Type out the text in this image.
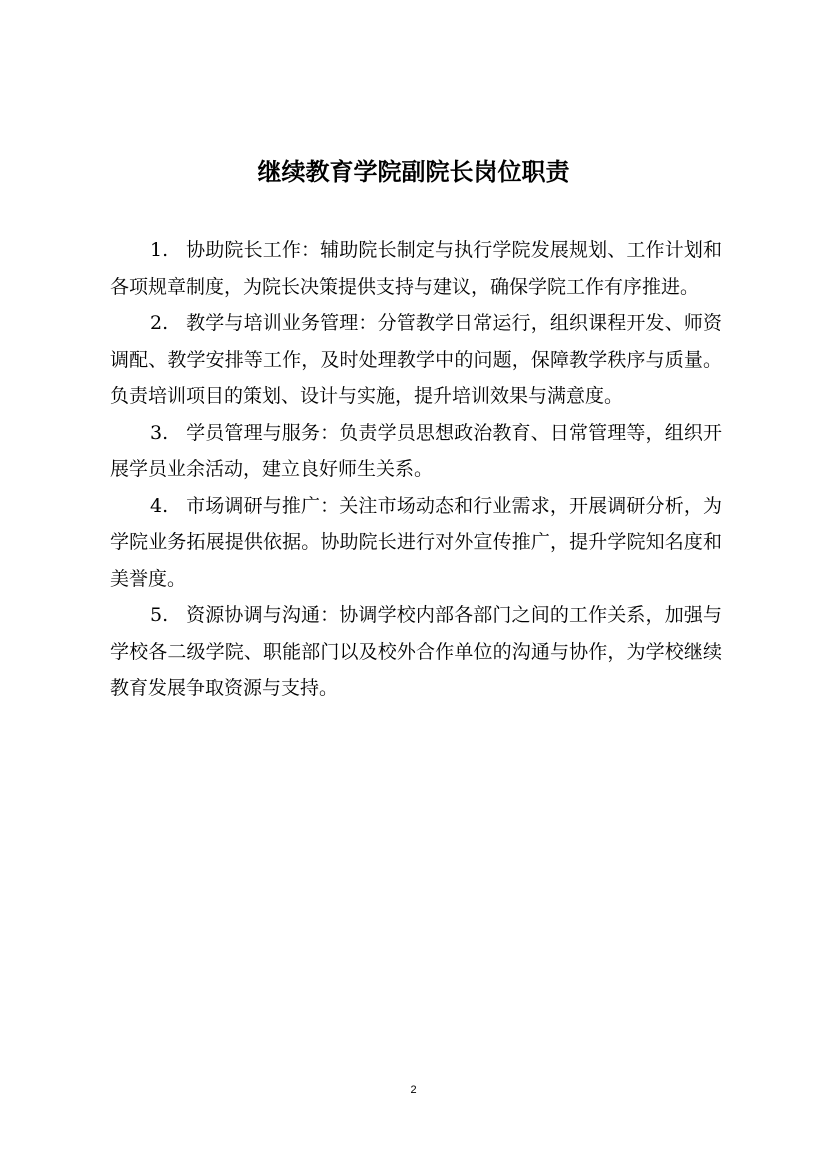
继续教育学院副院长岗位职责

1. 协助院长工作：辅助院长制定与执行学院发展规划、工作计划和各项规章制度，为院长决策提供支持与建议，确保学院工作有序推进。

2. 教学与培训业务管理：分管教学日常运行，组织课程开发、师资调配、教学安排等工作，及时处理教学中的问题，保障教学秩序与质量。负责培训项目的策划、设计与实施，提升培训效果与满意度。

3. 学员管理与服务：负责学员思想政治教育、日常管理等，组织开展学员业余活动，建立良好师生关系。

4. 市场调研与推广：关注市场动态和行业需求，开展调研分析，为学院业务拓展提供依据。协助院长进行对外宣传推广，提升学院知名度和美誉度。

5. 资源协调与沟通：协调学校内部各部门之间的工作关系，加强与学校各二级学院、职能部门以及校外合作单位的沟通与协作，为学校继续教育发展争取资源与支持。

2
